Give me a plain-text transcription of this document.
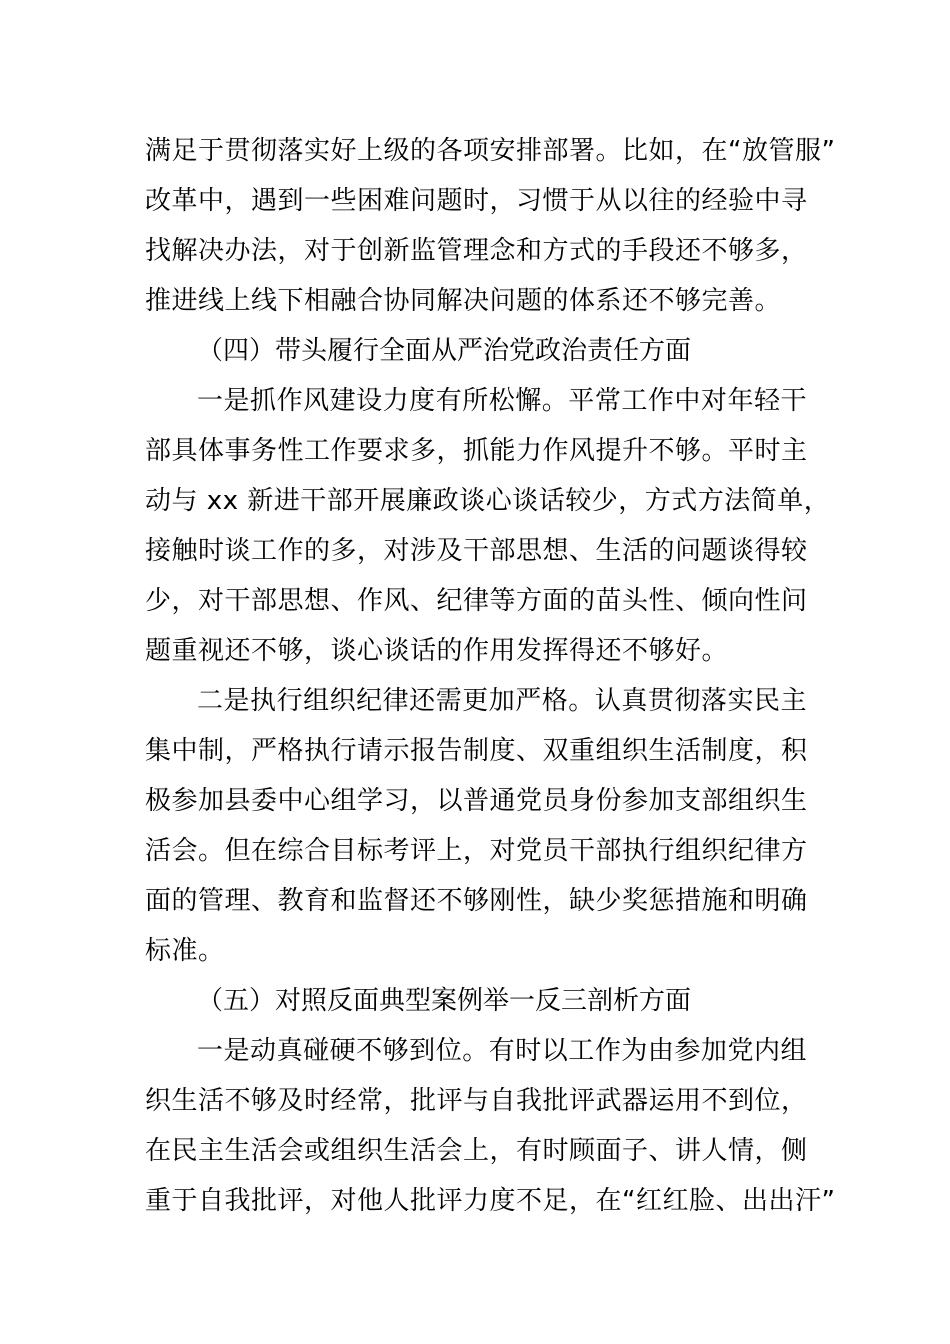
满足于贯彻落实好上级的各项安排部署。比如，在“放管服”
改革中，遇到一些困难问题时，习惯于从以往的经验中寻
找解决办法，对于创新监管理念和方式的手段还不够多，
推进线上线下相融合协同解决问题的体系还不够完善。
（四）带头履行全面从严治党政治责任方面
一是抓作风建设力度有所松懈。平常工作中对年轻干
部具体事务性工作要求多，抓能力作风提升不够。平时主
动与 xx 新进干部开展廉政谈心谈话较少，方式方法简单，
接触时谈工作的多，对涉及干部思想、生活的问题谈得较
少，对干部思想、作风、纪律等方面的苗头性、倾向性问
题重视还不够，谈心谈话的作用发挥得还不够好。
二是执行组织纪律还需更加严格。认真贯彻落实民主
集中制，严格执行请示报告制度、双重组织生活制度，积
极参加县委中心组学习，以普通党员身份参加支部组织生
活会。但在综合目标考评上，对党员干部执行组织纪律方
面的管理、教育和监督还不够刚性，缺少奖惩措施和明确
标准。
（五）对照反面典型案例举一反三剖析方面
一是动真碰硬不够到位。有时以工作为由参加党内组
织生活不够及时经常，批评与自我批评武器运用不到位，
在民主生活会或组织生活会上，有时顾面子、讲人情，侧
重于自我批评，对他人批评力度不足，在“红红脸、出出汗”
